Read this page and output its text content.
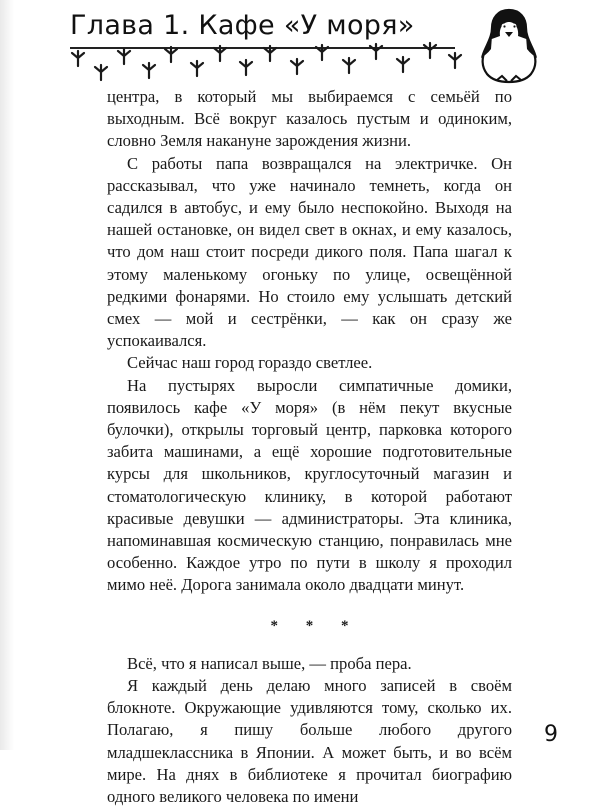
Глава 1. Кафе «У моря»

центра, в который мы выбираемся с семьёй по выходным. Всё вокруг казалось пустым и одиноким, словно Земля накануне зарождения жизни.

С работы папа возвращался на электричке. Он рассказывал, что уже начинало темнеть, когда он садился в автобус, и ему было неспокойно. Выходя на нашей остановке, он видел свет в окнах, и ему казалось, что дом наш стоит посреди дикого поля. Папа шагал к этому маленькому огоньку по улице, освещённой редкими фонарями. Но стоило ему услышать детский смех — мой и сестрёнки, — как он сразу же успокаивался.

Сейчас наш город гораздо светлее.

На пустырях выросли симпатичные домики, появилось кафе «У моря» (в нём пекут вкусные булочки), открылы торговый центр, парковка которого забита машинами, а ещё хорошие подготовительные курсы для школьников, круглосуточный магазин и стоматологическую клинику, в которой работают красивые девушки — администраторы. Эта клиника, напоминавшая космическую станцию, понравилась мне особенно. Каждое утро по пути в школу я проходил мимо неё. Дорога занимала около двадцати минут.

* * *

Всё, что я написал выше, — проба пера.

Я каждый день делаю много записей в своём блокноте. Окружающие удивляются тому, сколько их. Полагаю, я пишу больше любого другого младшеклассника в Японии. А может быть, и во всём мире. На днях в библиотеке я прочитал биографию одного великого человека по имени

9
